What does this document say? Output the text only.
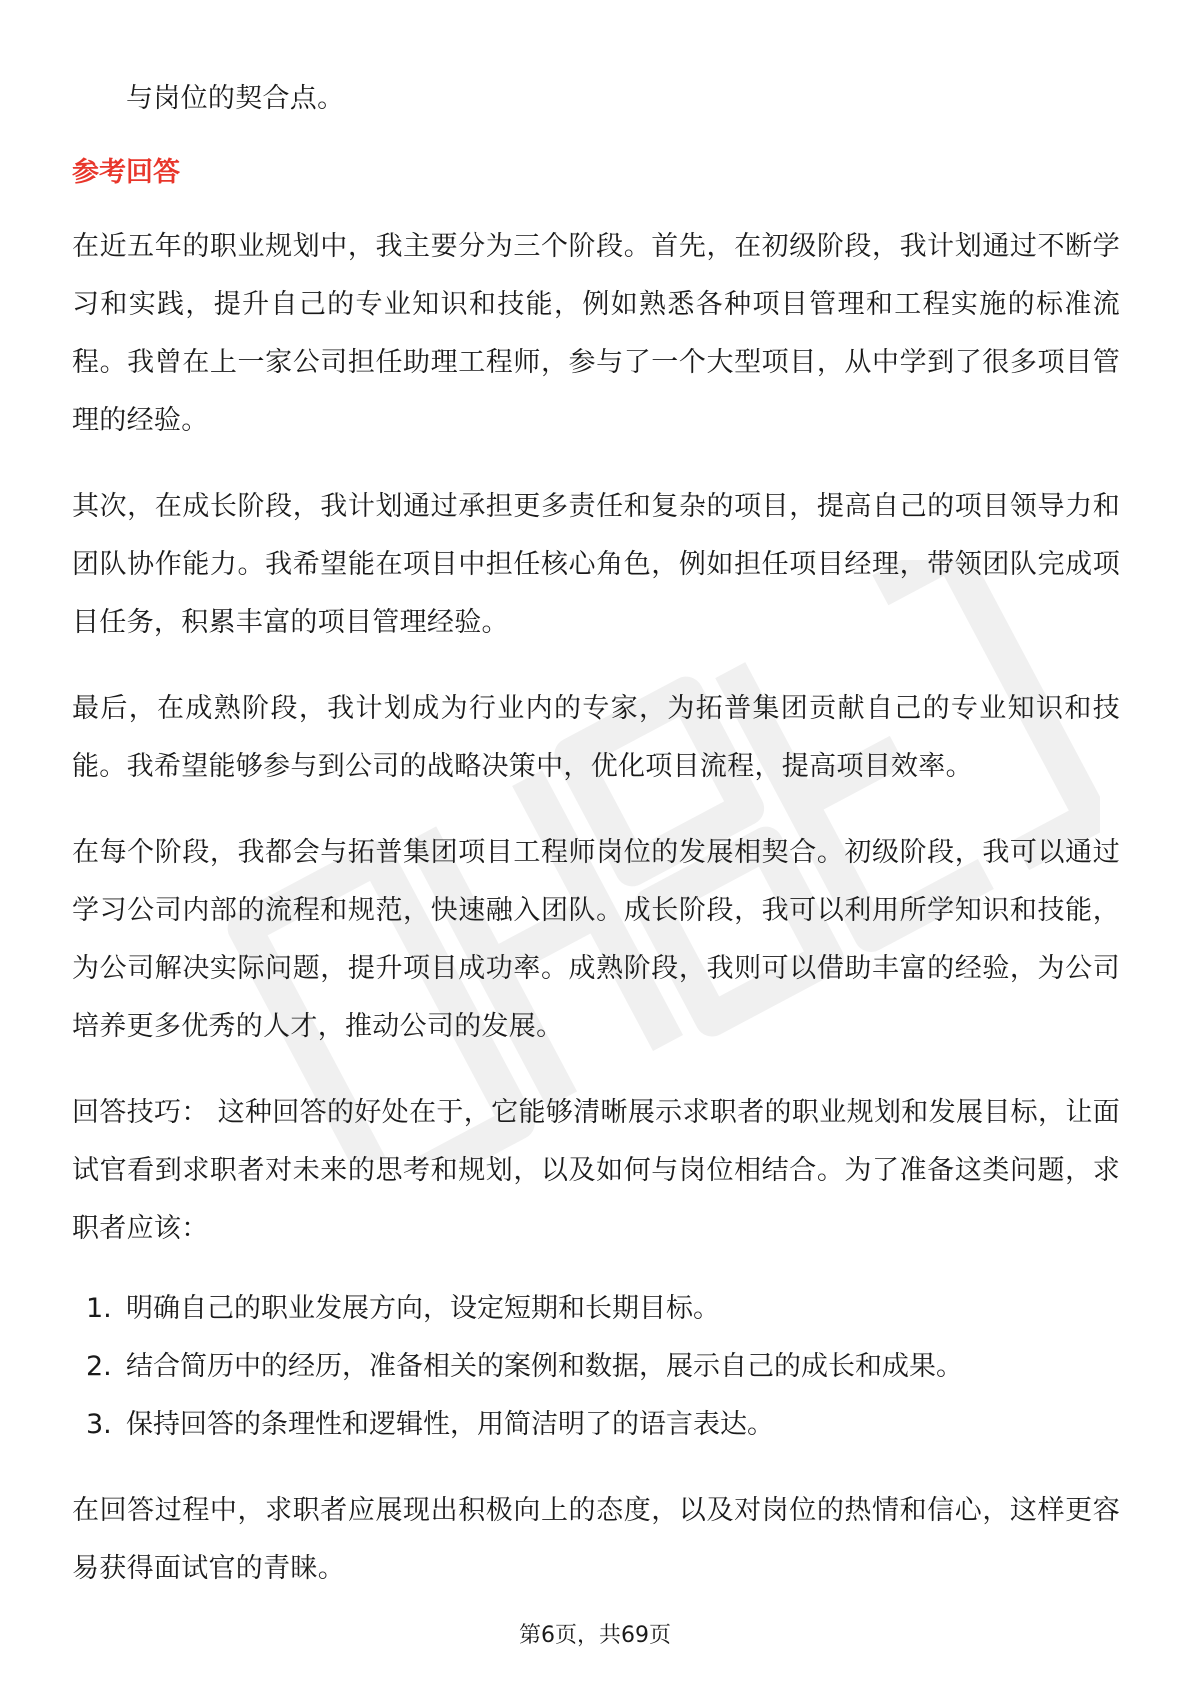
与岗位的契合点。

参考回答

在近五年的职业规划中，我主要分为三个阶段。首先，在初级阶段，我计划通过不断学习和实践，提升自己的专业知识和技能，例如熟悉各种项目管理和工程实施的标准流程。我曾在上一家公司担任助理工程师，参与了一个大型项目，从中学到了很多项目管理的经验。

其次，在成长阶段，我计划通过承担更多责任和复杂的项目，提高自己的项目领导力和团队协作能力。我希望能在项目中担任核心角色，例如担任项目经理，带领团队完成项目任务，积累丰富的项目管理经验。

最后，在成熟阶段，我计划成为行业内的专家，为拓普集团贡献自己的专业知识和技能。我希望能够参与到公司的战略决策中，优化项目流程，提高项目效率。

在每个阶段，我都会与拓普集团项目工程师岗位的发展相契合。初级阶段，我可以通过学习公司内部的流程和规范，快速融入团队。成长阶段，我可以利用所学知识和技能，为公司解决实际问题，提升项目成功率。成熟阶段，我则可以借助丰富的经验，为公司培养更多优秀的人才，推动公司的发展。

回答技巧： 这种回答的好处在于，它能够清晰展示求职者的职业规划和发展目标，让面试官看到求职者对未来的思考和规划，以及如何与岗位相结合。为了准备这类问题，求职者应该：

1. 明确自己的职业发展方向，设定短期和长期目标。
2. 结合简历中的经历，准备相关的案例和数据，展示自己的成长和成果。
3. 保持回答的条理性和逻辑性，用简洁明了的语言表达。

在回答过程中，求职者应展现出积极向上的态度，以及对岗位的热情和信心，这样更容易获得面试官的青睐。

第6页，共69页
